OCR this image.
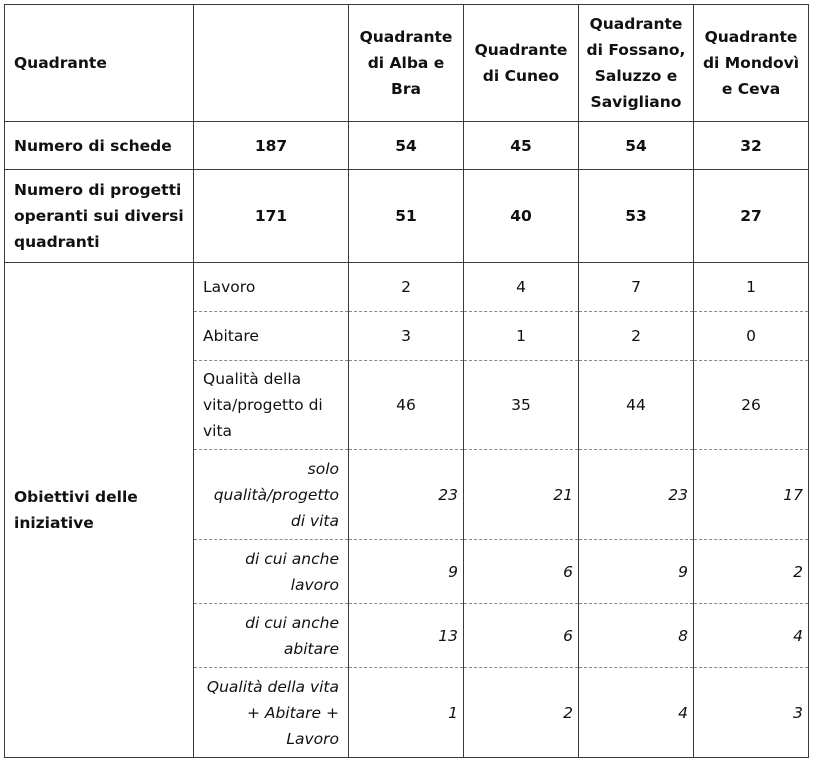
Quadrante		Quadrante di Alba e Bra	Quadrante di Cuneo	Quadrante di Fossano, Saluzzo e Savigliano	Quadrante di Mondovì e Ceva
Numero di schede	187	54	45	54	32
Numero di progetti operanti sui diversi quadranti	171	51	40	53	27
Obiettivi delle iniziative	Lavoro	2	4	7	1
	Abitare	3	1	2	0
	Qualità della vita/progetto di vita	46	35	44	26
	solo qualità/progetto di vita	23	21	23	17
	di cui anche lavoro	9	6	9	2
	di cui anche abitare	13	6	8	4
	Qualità della vita + Abitare + Lavoro	1	2	4	3
